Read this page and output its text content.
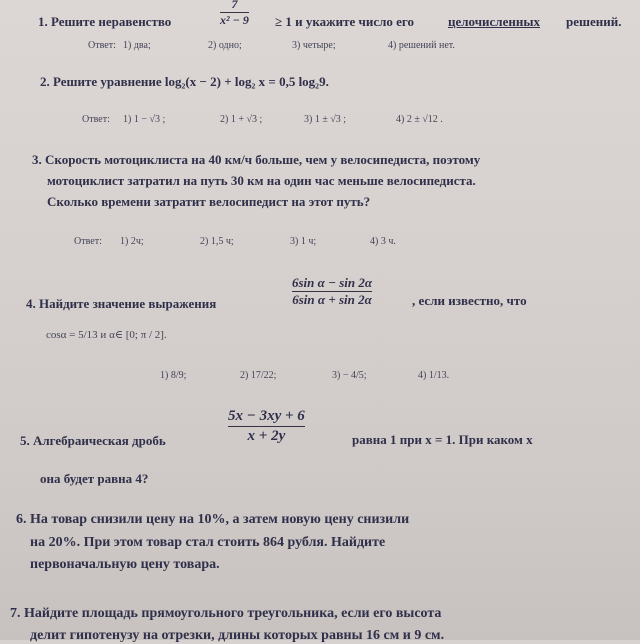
1. Решите неравенство
7
x² − 9 ≥ 1 и укажите число его	целочисленных решений.
Ответ: 1) два;	2) одно;	3) четыре;	4) решений нет.
2. Решите уравнение log₂(x − 2) + log₂ x = 0,5 log₂9.
Ответ: 1) 1 − √3 ;	2) 1 + √3 ;	3) 1 ± √3 ;	4) 2 ± √12 .
3. Скорость мотоциклиста на 40 км/ч больше, чем у велосипедиста, поэтому
мотоциклист затратил на путь 30 км на один час меньше велосипедиста.
Сколько времени затратит велосипедист на этот путь?
Ответ: 1) 2ч;	2) 1,5 ч;	3) 1 ч;	4) 3 ч.
4. Найдите значение выражения
6sin α − sin 2α
6sin α + sin 2α	, если известно, что
cosα = 5/13 и α∈ [0; π / 2].
1) 8/9;	2) 17/22;	3) − 4/5;	4) 1/13.
5. Алгебраическая дробь
5x − 3xy + 6
x + 2y	равна 1 при x = 1. При каком x
она будет равна 4?
6. На товар снизили цену на 10%, а затем новую цену снизили
на 20%. При этом товар стал стоить 864 рубля. Найдите
первоначальную цену товара.
7. Найдите площадь прямоугольного треугольника, если его высота
делит гипотенузу на отрезки, длины которых равны 16 см и 9 см.
